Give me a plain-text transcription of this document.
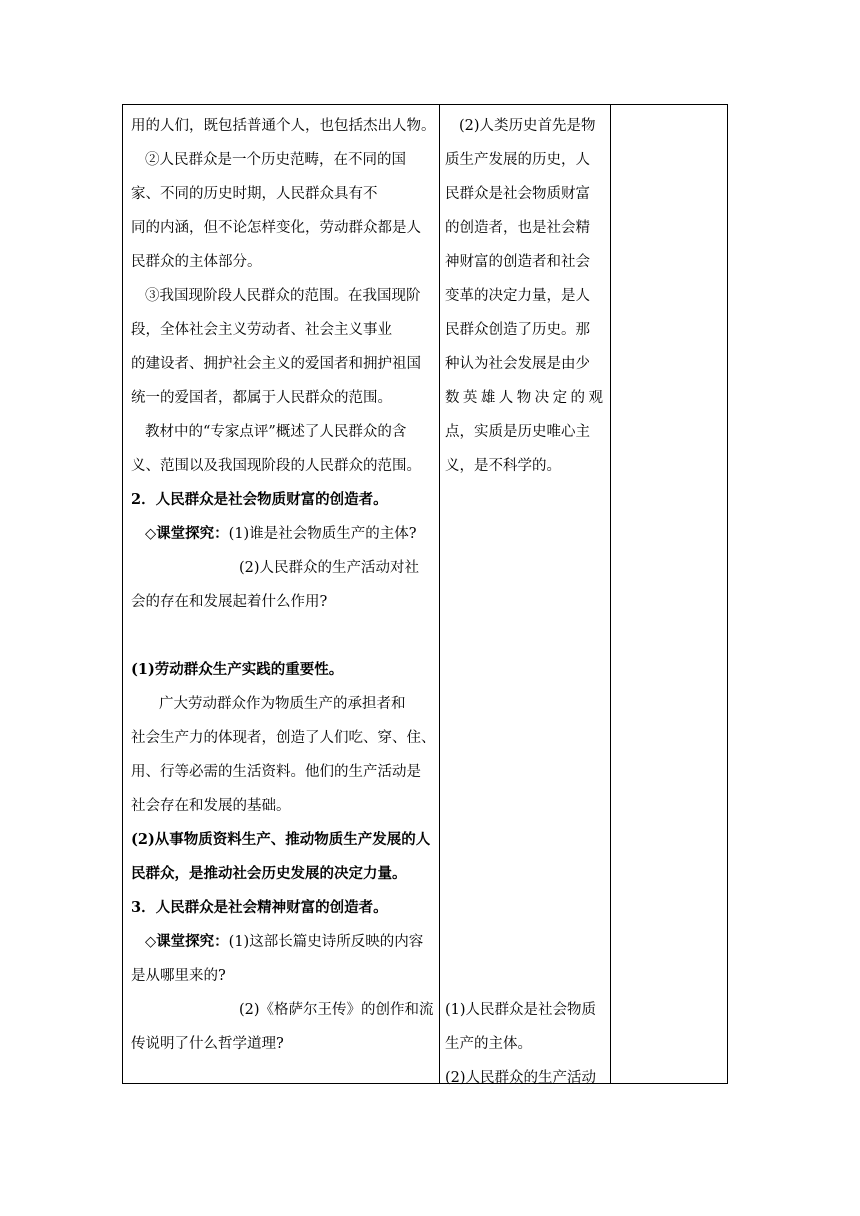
用的人们，既包括普通个人，也包括杰出人物。
②人民群众是一个历史范畴，在不同的国
家、不同的历史时期，人民群众具有不
同的内涵，但不论怎样变化，劳动群众都是人
民群众的主体部分。
③我国现阶段人民群众的范围。在我国现阶
段，全体社会主义劳动者、社会主义事业
的建设者、拥护社会主义的爱国者和拥护祖国
统一的爱国者，都属于人民群众的范围。
教材中的“专家点评”概述了人民群众的含
义、范围以及我国现阶段的人民群众的范围。
2．人民群众是社会物质财富的创造者。
◇课堂探究：(1)谁是社会物质生产的主体?
(2)人民群众的生产活动对社
会的存在和发展起着什么作用?
(1)劳动群众生产实践的重要性。
广大劳动群众作为物质生产的承担者和
社会生产力的体现者，创造了人们吃、穿、住、
用、行等必需的生活资料。他们的生产活动是
社会存在和发展的基础。
(2)从事物质资料生产、推动物质生产发展的人
民群众，是推动社会历史发展的决定力量。
3．人民群众是社会精神财富的创造者。
◇课堂探究：(1)这部长篇史诗所反映的内容
是从哪里来的?
(2)《格萨尔王传》的创作和流
传说明了什么哲学道理?
(2)人类历史首先是物
质生产发展的历史，人
民群众是社会物质财富
的创造者，也是社会精
神财富的创造者和社会
变革的决定力量，是人
民群众创造了历史。那
种认为社会发展是由少
数英雄人物决定的观
点，实质是历史唯心主
义，是不科学的。
(1)人民群众是社会物质
生产的主体。
(2)人民群众的生产活动
